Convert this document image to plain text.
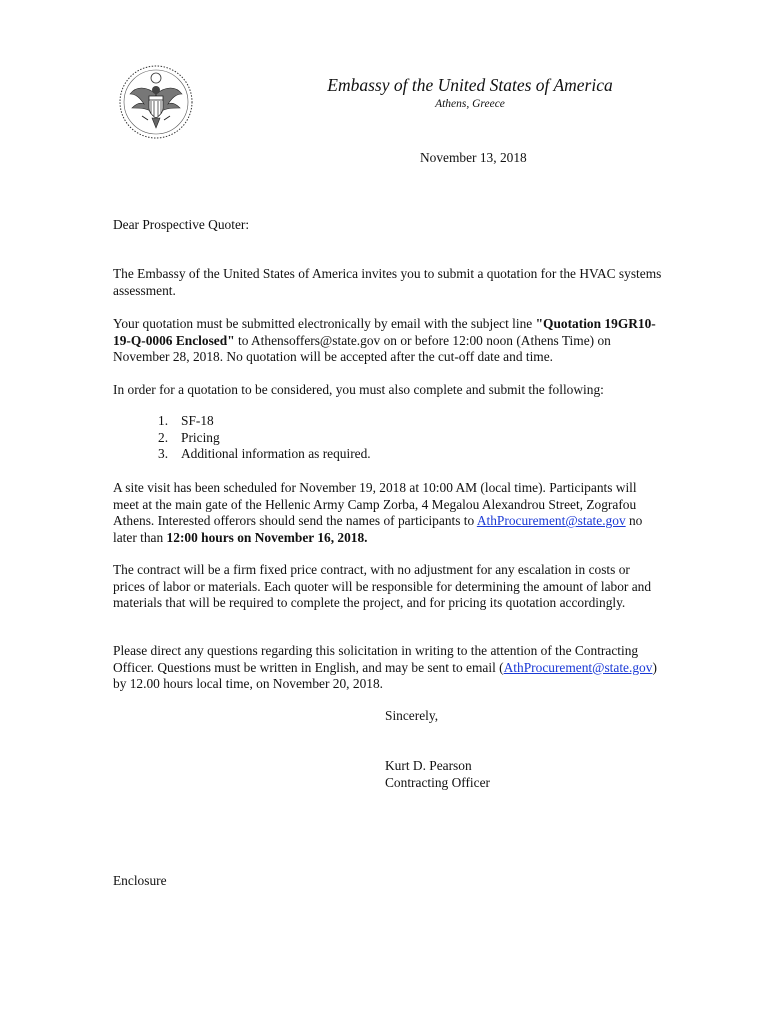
Embassy of the United States of America
Athens, Greece
November 13, 2018

Dear Prospective Quoter:

The Embassy of the United States of America invites you to submit a quotation for the HVAC systems assessment.

Your quotation must be submitted electronically by email with the subject line "Quotation 19GR10-19-Q-0006 Enclosed" to Athensoffers@state.gov on or before 12:00 noon (Athens Time) on November 28, 2018. No quotation will be accepted after the cut-off date and time.

In order for a quotation to be considered, you must also complete and submit the following:

1. SF-18
2. Pricing
3. Additional information as required.

A site visit has been scheduled for November 19, 2018 at 10:00 AM (local time). Participants will meet at the main gate of the Hellenic Army Camp Zorba, 4 Megalou Alexandrou Street, Zografou Athens. Interested offerors should send the names of participants to AthProcurement@state.gov no later than 12:00 hours on November 16, 2018.

The contract will be a firm fixed price contract, with no adjustment for any escalation in costs or prices of labor or materials. Each quoter will be responsible for determining the amount of labor and materials that will be required to complete the project, and for pricing its quotation accordingly.

Please direct any questions regarding this solicitation in writing to the attention of the Contracting Officer. Questions must be written in English, and may be sent to email (AthProcurement@state.gov) by 12.00 hours local time, on November 20, 2018.

Sincerely,
Kurt D. Pearson
Contracting Officer

Enclosure
